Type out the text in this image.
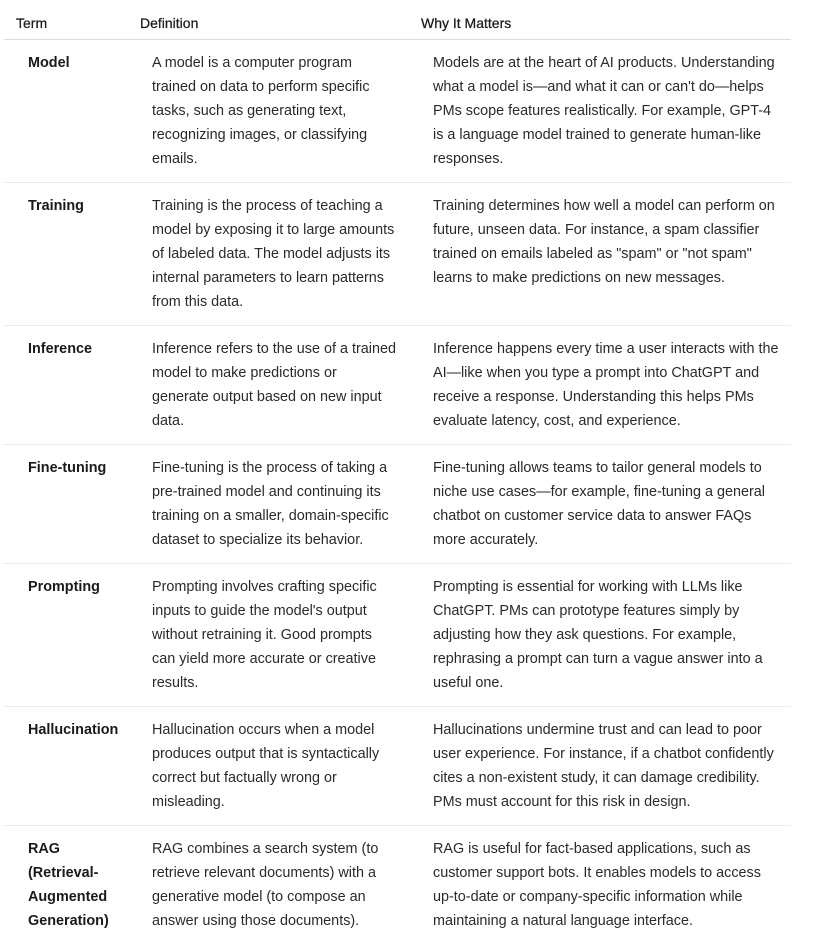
Term	Definition	Why It Matters
Model	A model is a computer program trained on data to perform specific tasks, such as generating text, recognizing images, or classifying emails.	Models are at the heart of AI products. Understanding what a model is—and what it can or can't do—helps PMs scope features realistically. For example, GPT-4 is a language model trained to generate human-like responses.
Training	Training is the process of teaching a model by exposing it to large amounts of labeled data. The model adjusts its internal parameters to learn patterns from this data.	Training determines how well a model can perform on future, unseen data. For instance, a spam classifier trained on emails labeled as "spam" or "not spam" learns to make predictions on new messages.
Inference	Inference refers to the use of a trained model to make predictions or generate output based on new input data.	Inference happens every time a user interacts with the AI—like when you type a prompt into ChatGPT and receive a response. Understanding this helps PMs evaluate latency, cost, and experience.
Fine-tuning	Fine-tuning is the process of taking a pre-trained model and continuing its training on a smaller, domain-specific dataset to specialize its behavior.	Fine-tuning allows teams to tailor general models to niche use cases—for example, fine-tuning a general chatbot on customer service data to answer FAQs more accurately.
Prompting	Prompting involves crafting specific inputs to guide the model's output without retraining it. Good prompts can yield more accurate or creative results.	Prompting is essential for working with LLMs like ChatGPT. PMs can prototype features simply by adjusting how they ask questions. For example, rephrasing a prompt can turn a vague answer into a useful one.
Hallucination	Hallucination occurs when a model produces output that is syntactically correct but factually wrong or misleading.	Hallucinations undermine trust and can lead to poor user experience. For instance, if a chatbot confidently cites a non-existent study, it can damage credibility. PMs must account for this risk in design.
RAG (Retrieval-Augmented Generation)	RAG combines a search system (to retrieve relevant documents) with a generative model (to compose an answer using those documents).	RAG is useful for fact-based applications, such as customer support bots. It enables models to access up-to-date or company-specific information while maintaining a natural language interface.
